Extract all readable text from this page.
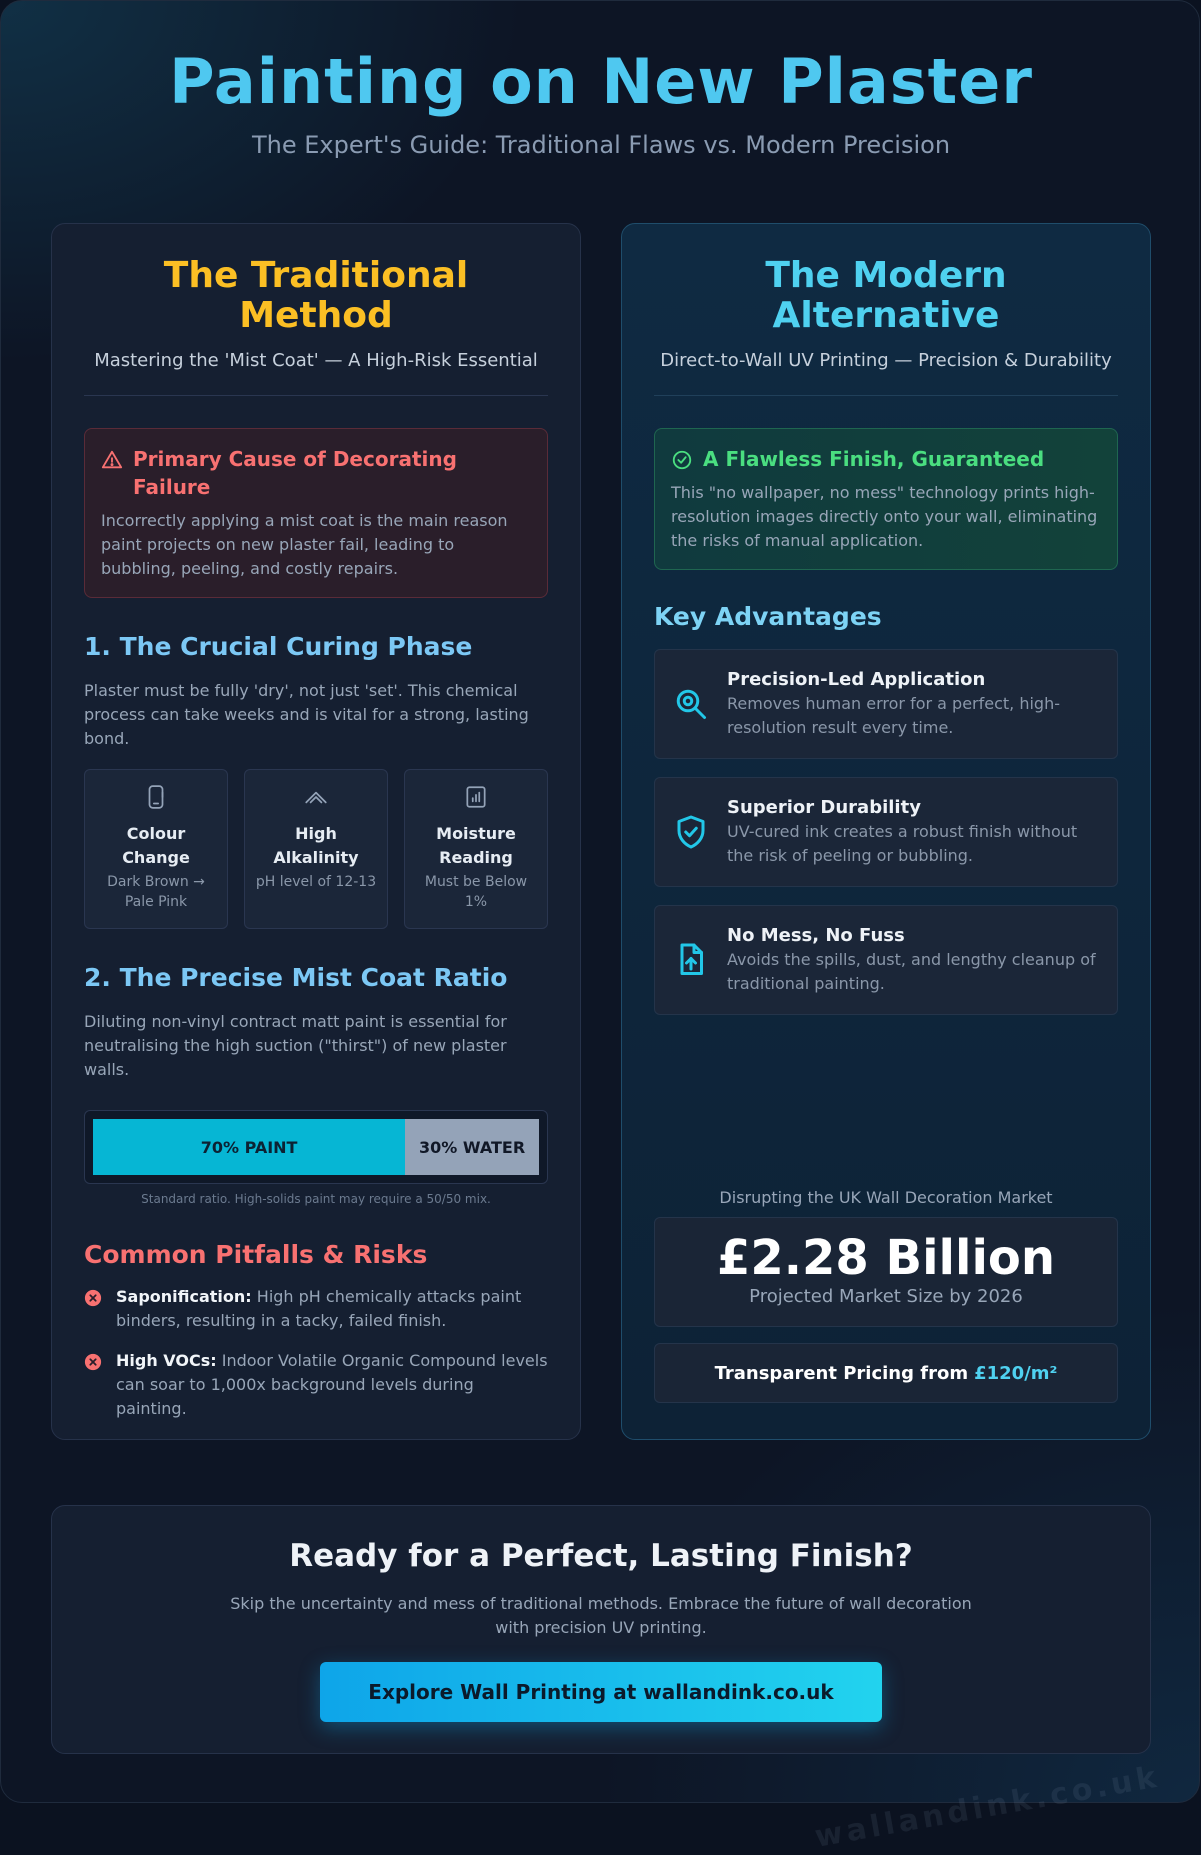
Painting on New Plaster
The Expert's Guide: Traditional Flaws vs. Modern Precision
The Traditional Method
Mastering the 'Mist Coat' — A High-Risk Essential
Primary Cause of Decorating Failure
Incorrectly applying a mist coat is the main reason paint projects on new plaster fail, leading to bubbling, peeling, and costly repairs.
1. The Crucial Curing Phase
Plaster must be fully 'dry', not just 'set'. This chemical process can take weeks and is vital for a strong, lasting bond.
Colour Change
Dark Brown → Pale Pink
High Alkalinity
pH level of 12-13
Moisture Reading
Must be Below 1%
2. The Precise Mist Coat Ratio
Diluting non-vinyl contract matt paint is essential for neutralising the high suction ("thirst") of new plaster walls.
70% PAINT	30% WATER
Standard ratio. High-solids paint may require a 50/50 mix.
Common Pitfalls & Risks
Saponification: High pH chemically attacks paint binders, resulting in a tacky, failed finish.
High VOCs: Indoor Volatile Organic Compound levels can soar to 1,000x background levels during painting.
The Modern Alternative
Direct-to-Wall UV Printing — Precision & Durability
A Flawless Finish, Guaranteed
This "no wallpaper, no mess" technology prints high-resolution images directly onto your wall, eliminating the risks of manual application.
Key Advantages
Precision-Led Application
Removes human error for a perfect, high-resolution result every time.
Superior Durability
UV-cured ink creates a robust finish without the risk of peeling or bubbling.
No Mess, No Fuss
Avoids the spills, dust, and lengthy cleanup of traditional painting.
Disrupting the UK Wall Decoration Market
£2.28 Billion
Projected Market Size by 2026
Transparent Pricing from £120/m²
Ready for a Perfect, Lasting Finish?
Skip the uncertainty and mess of traditional methods. Embrace the future of wall decoration with precision UV printing.
Explore Wall Printing at wallandink.co.uk
wallandink.co.uk
